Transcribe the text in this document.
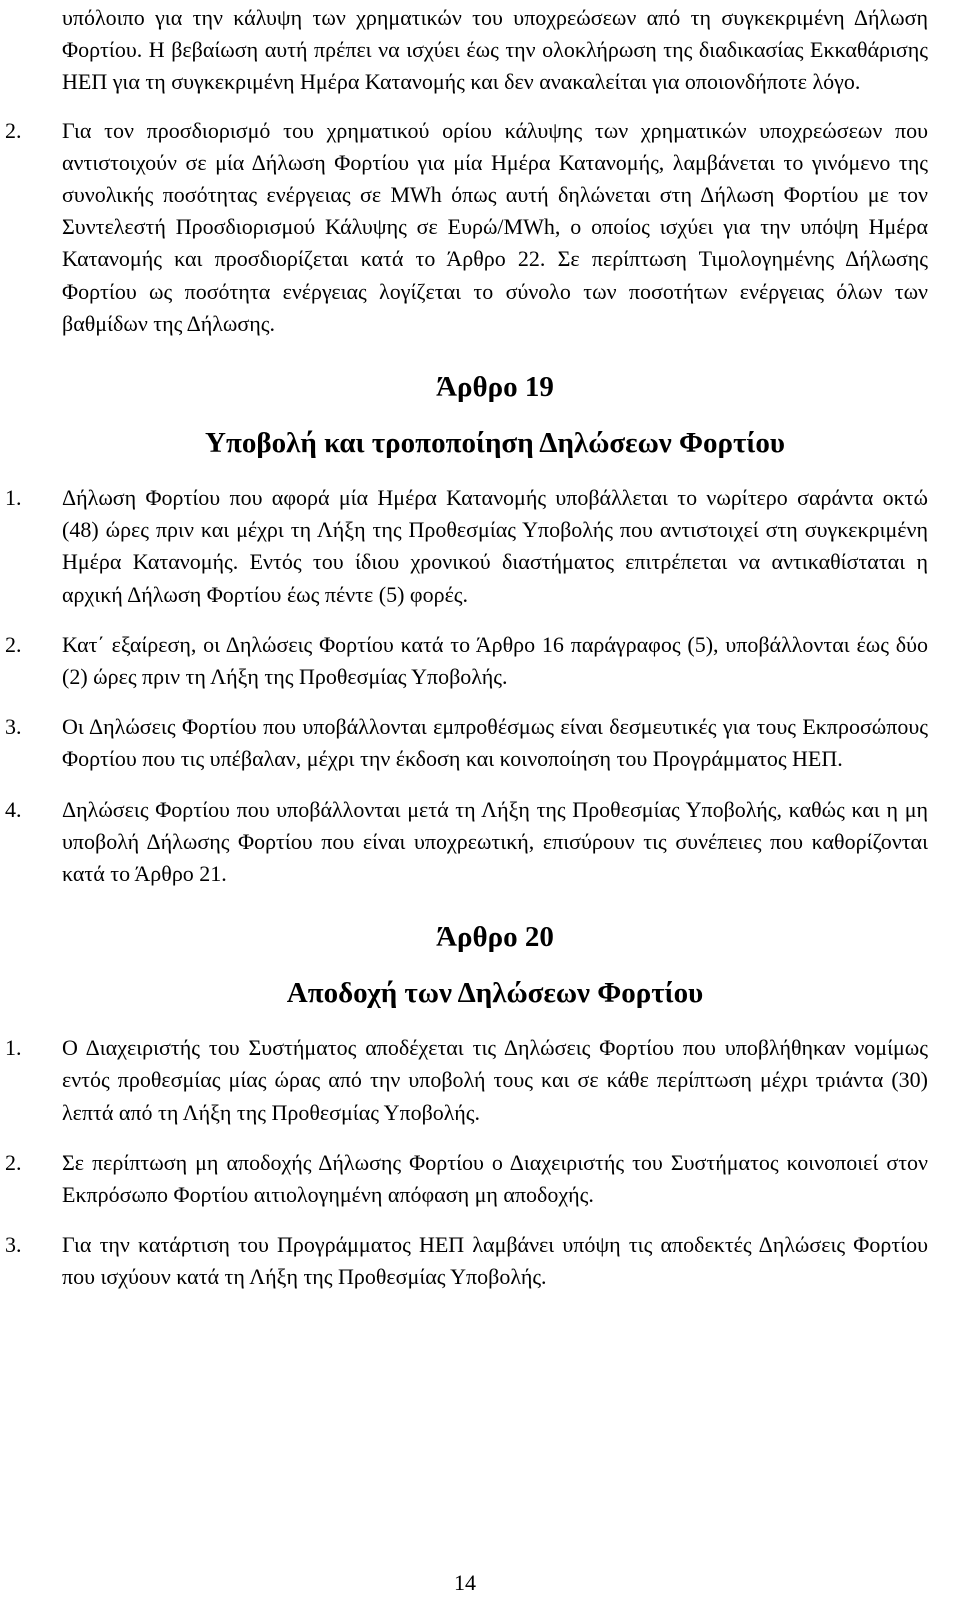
υπόλοιπο για την κάλυψη των χρηματικών του υποχρεώσεων από τη συγκεκριμένη Δήλωση Φορτίου. Η βεβαίωση αυτή πρέπει να ισχύει έως την ολοκλήρωση της διαδικασίας Εκκαθάρισης ΗΕΠ για τη συγκεκριμένη Ημέρα Κατανομής και δεν ανακαλείται για οποιονδήποτε λόγο.

2. Για τον προσδιορισμό του χρηματικού ορίου κάλυψης των χρηματικών υποχρεώσεων που αντιστοιχούν σε μία Δήλωση Φορτίου για μία Ημέρα Κατανομής, λαμβάνεται το γινόμενο της συνολικής ποσότητας ενέργειας σε MWh όπως αυτή δηλώνεται στη Δήλωση Φορτίου με τον Συντελεστή Προσδιορισμού Κάλυψης σε Ευρώ/MWh, ο οποίος ισχύει για την υπόψη Ημέρα Κατανομής και προσδιορίζεται κατά το Άρθρο 22. Σε περίπτωση Τιμολογημένης Δήλωσης Φορτίου ως ποσότητα ενέργειας λογίζεται το σύνολο των ποσοτήτων ενέργειας όλων των βαθμίδων της Δήλωσης.

Άρθρο 19
Υποβολή και τροποποίηση Δηλώσεων Φορτίου
1. Δήλωση Φορτίου που αφορά μία Ημέρα Κατανομής υποβάλλεται το νωρίτερο σαράντα οκτώ (48) ώρες πριν και μέχρι τη Λήξη της Προθεσμίας Υποβολής που αντιστοιχεί στη συγκεκριμένη Ημέρα Κατανομής. Εντός του ίδιου χρονικού διαστήματος επιτρέπεται να αντικαθίσταται η αρχική Δήλωση Φορτίου έως πέντε (5) φορές.

2. Κατ΄ εξαίρεση, οι Δηλώσεις Φορτίου κατά το Άρθρο 16 παράγραφος (5), υποβάλλονται έως δύο (2) ώρες πριν τη Λήξη της Προθεσμίας Υποβολής.

3. Οι Δηλώσεις Φορτίου που υποβάλλονται εμπροθέσμως είναι δεσμευτικές για τους Εκπροσώπους Φορτίου που τις υπέβαλαν, μέχρι την έκδοση και κοινοποίηση του Προγράμματος ΗΕΠ.

4. Δηλώσεις Φορτίου που υποβάλλονται μετά τη Λήξη της Προθεσμίας Υποβολής, καθώς και η μη υποβολή Δήλωσης Φορτίου που είναι υποχρεωτική, επισύρουν τις συνέπειες που καθορίζονται κατά το Άρθρο 21.

Άρθρο 20
Αποδοχή των Δηλώσεων Φορτίου
1. Ο Διαχειριστής του Συστήματος αποδέχεται τις Δηλώσεις Φορτίου που υποβλήθηκαν νομίμως εντός προθεσμίας μίας ώρας από την υποβολή τους και σε κάθε περίπτωση μέχρι τριάντα (30) λεπτά από τη Λήξη της Προθεσμίας Υποβολής.

2. Σε περίπτωση μη αποδοχής Δήλωσης Φορτίου ο Διαχειριστής του Συστήματος κοινοποιεί στον Εκπρόσωπο Φορτίου αιτιολογημένη απόφαση μη αποδοχής.

3. Για την κατάρτιση του Προγράμματος ΗΕΠ λαμβάνει υπόψη τις αποδεκτές Δηλώσεις Φορτίου που ισχύουν κατά τη Λήξη της Προθεσμίας Υποβολής.

14
